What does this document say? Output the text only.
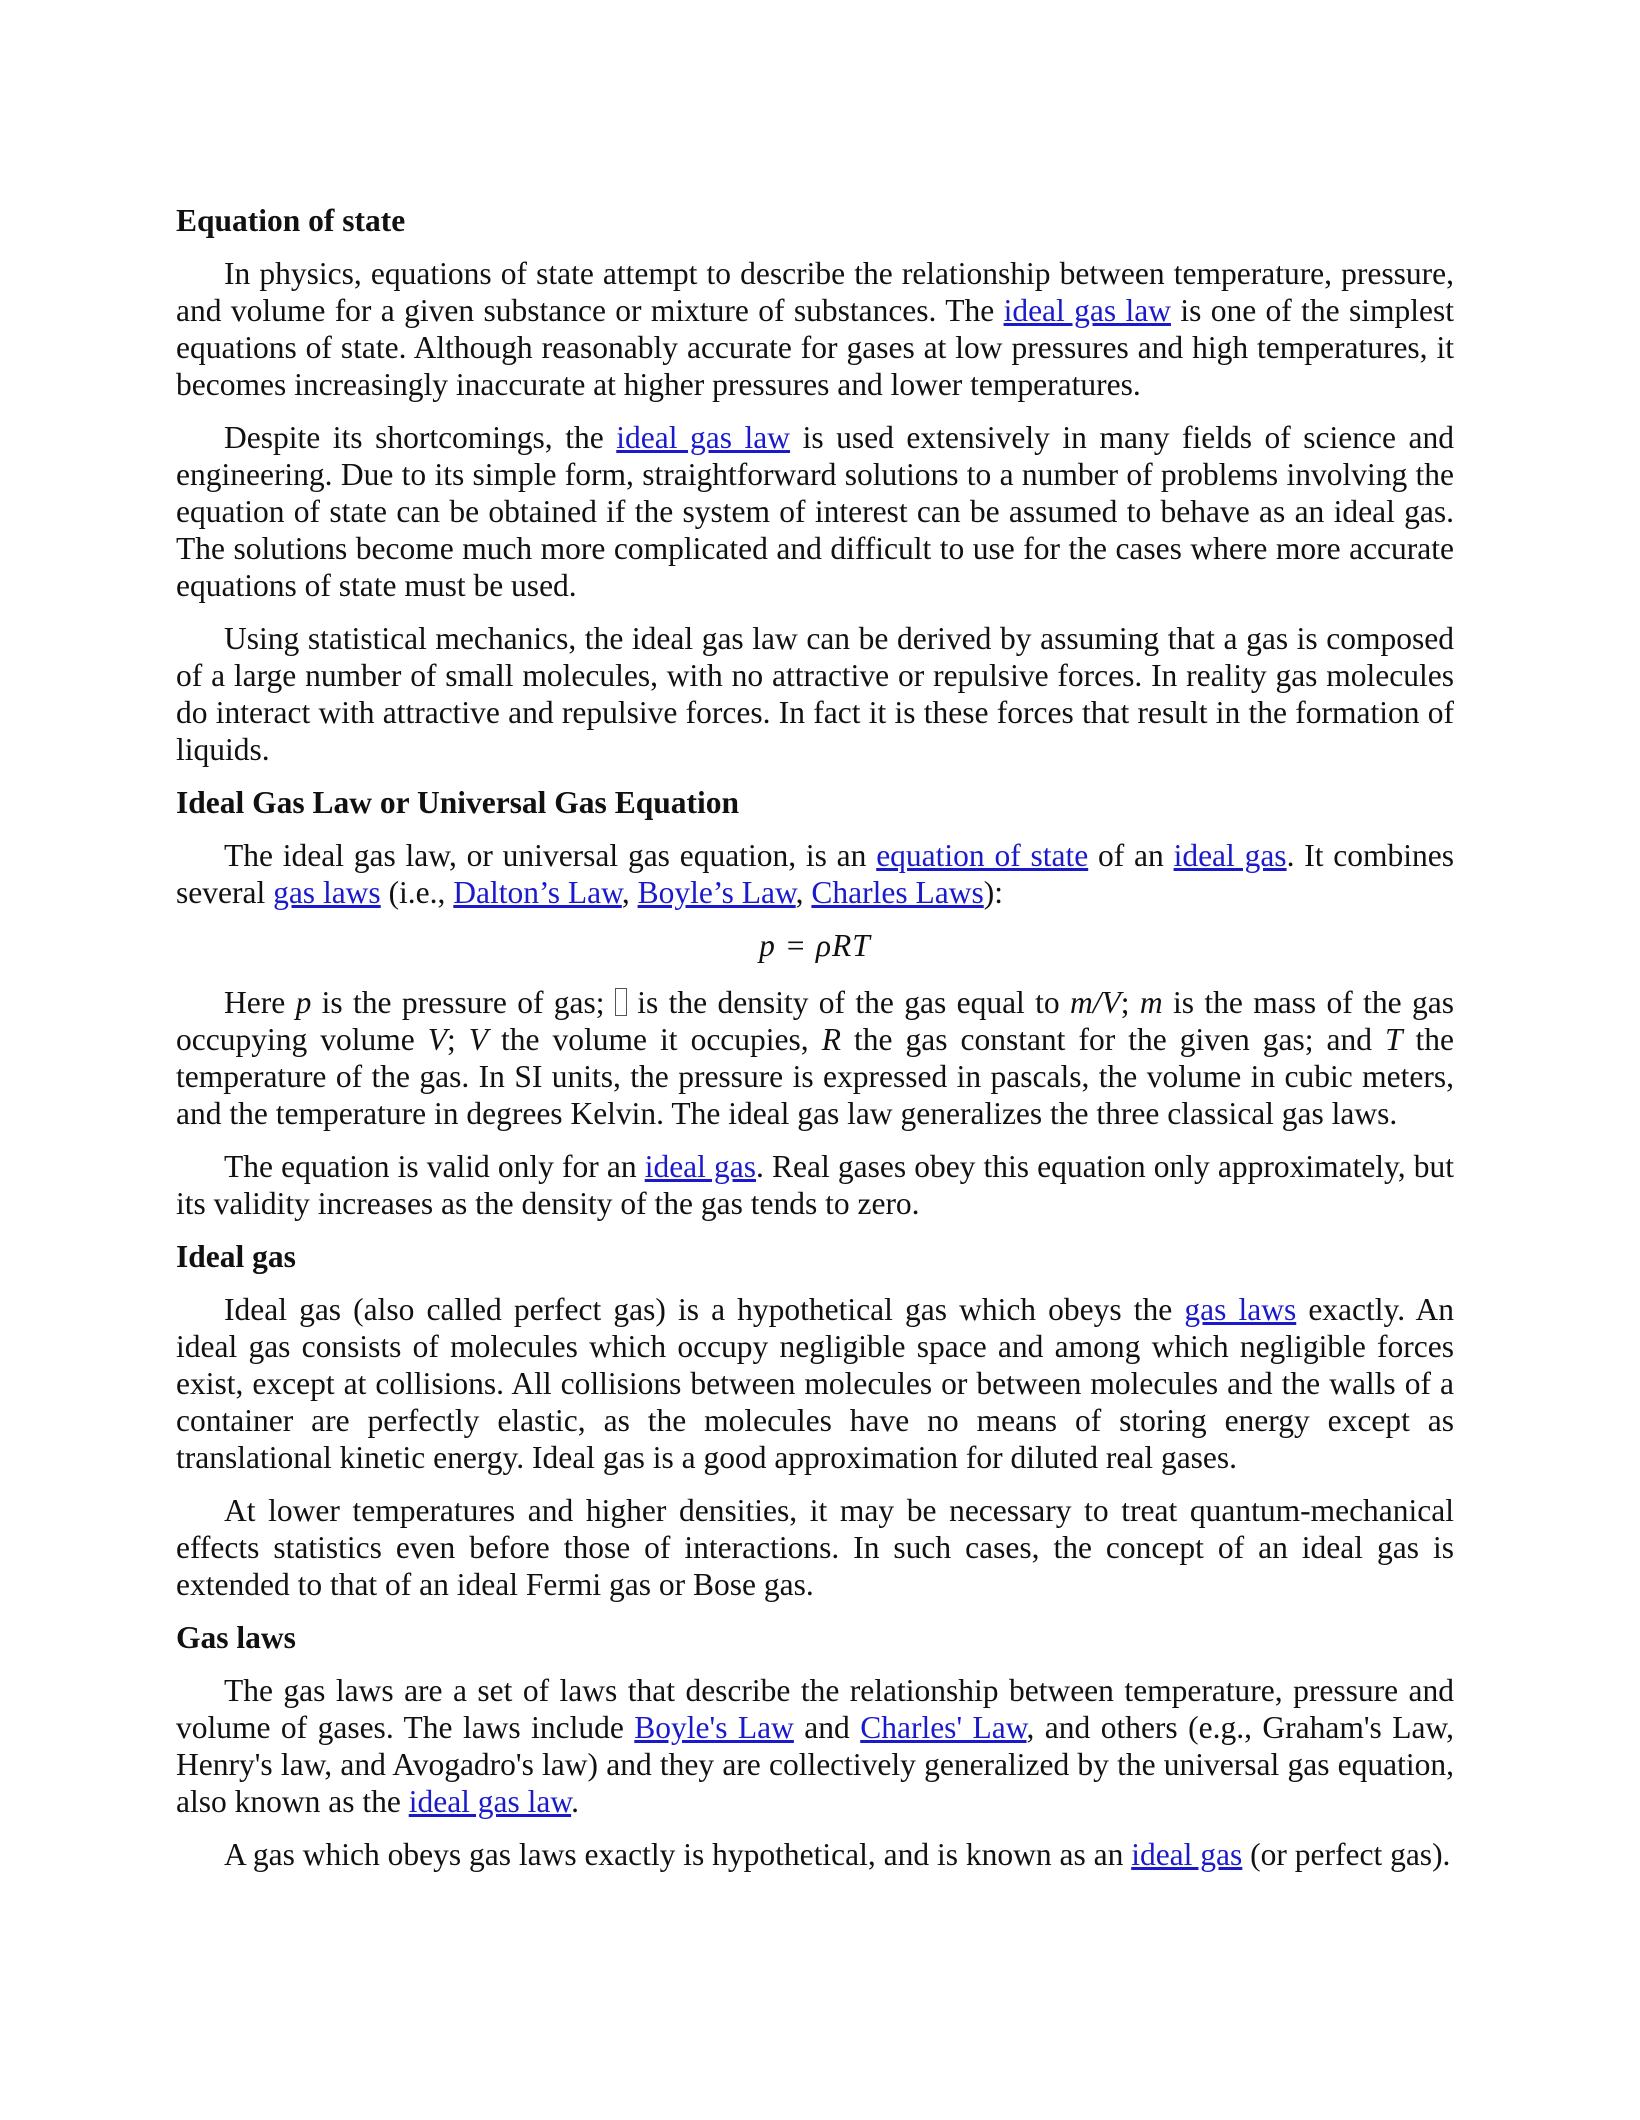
Equation of state

In physics, equations of state attempt to describe the relationship between temperature, pressure, and volume for a given substance or mixture of substances. The ideal gas law is one of the simplest equations of state. Although reasonably accurate for gases at low pressures and high temperatures, it becomes increasingly inaccurate at higher pressures and lower temperatures.

Despite its shortcomings, the ideal gas law is used extensively in many fields of science and engineering. Due to its simple form, straightforward solutions to a number of problems involving the equation of state can be obtained if the system of interest can be assumed to behave as an ideal gas. The solutions become much more complicated and difficult to use for the cases where more accurate equations of state must be used.

Using statistical mechanics, the ideal gas law can be derived by assuming that a gas is composed of a large number of small molecules, with no attractive or repulsive forces. In reality gas molecules do interact with attractive and repulsive forces. In fact it is these forces that result in the formation of liquids.

Ideal Gas Law or Universal Gas Equation

The ideal gas law, or universal gas equation, is an equation of state of an ideal gas. It combines several gas laws (i.e., Dalton’s Law, Boyle’s Law, Charles Laws):

p = ρRT

Here p is the pressure of gas;  is the density of the gas equal to m/V; m is the mass of the gas occupying volume V; V the volume it occupies, R the gas constant for the given gas; and T the temperature of the gas. In SI units, the pressure is expressed in pascals, the volume in cubic meters, and the temperature in degrees Kelvin. The ideal gas law generalizes the three classical gas laws.

The equation is valid only for an ideal gas. Real gases obey this equation only approximately, but its validity increases as the density of the gas tends to zero.

Ideal gas

Ideal gas (also called perfect gas) is a hypothetical gas which obeys the gas laws exactly. An ideal gas consists of molecules which occupy negligible space and among which negligible forces exist, except at collisions. All collisions between molecules or between molecules and the walls of a container are perfectly elastic, as the molecules have no means of storing energy except as translational kinetic energy. Ideal gas is a good approximation for diluted real gases.

At lower temperatures and higher densities, it may be necessary to treat quantum-mechanical effects statistics even before those of interactions. In such cases, the concept of an ideal gas is extended to that of an ideal Fermi gas or Bose gas.

Gas laws

The gas laws are a set of laws that describe the relationship between temperature, pressure and volume of gases. The laws include Boyle's Law and Charles' Law, and others (e.g., Graham's Law, Henry's law, and Avogadro's law) and they are collectively generalized by the universal gas equation, also known as the ideal gas law.

A gas which obeys gas laws exactly is hypothetical, and is known as an ideal gas (or perfect gas).
